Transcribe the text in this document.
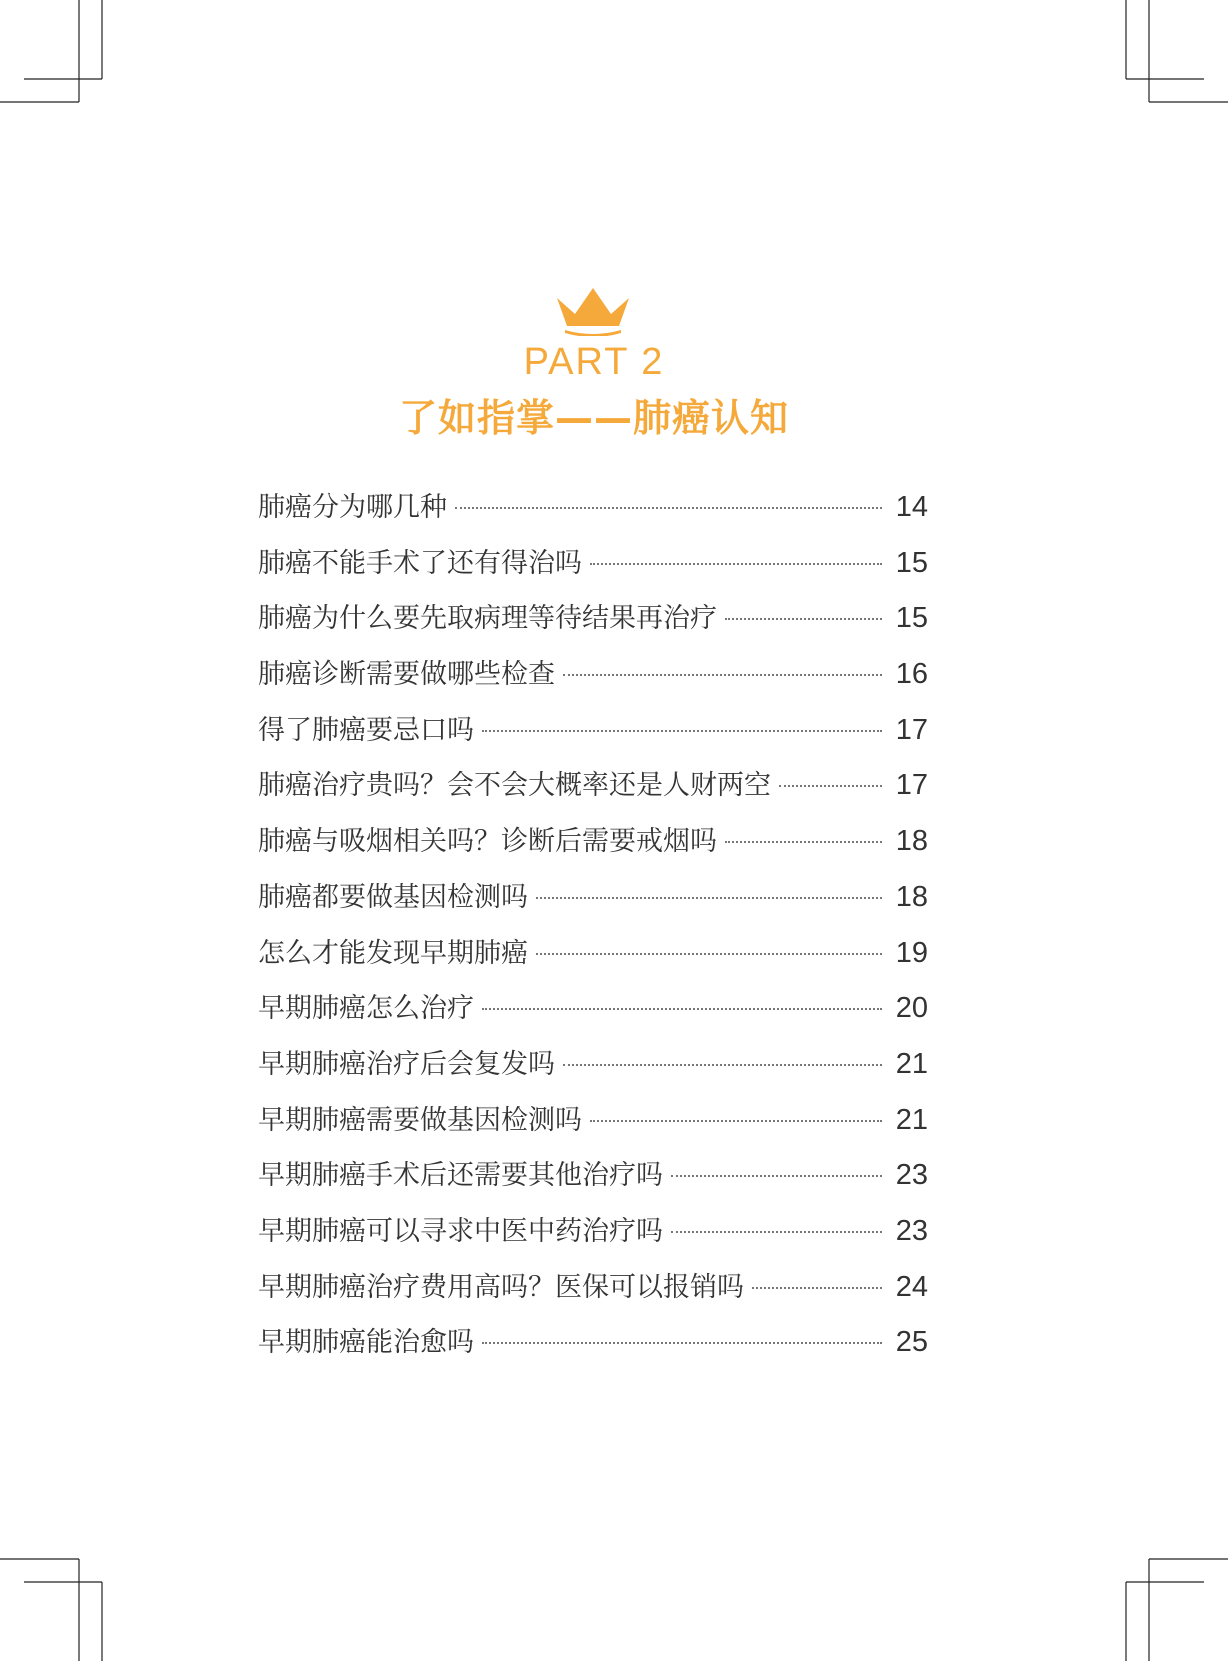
PART 2
了如指掌——肺癌认知
肺癌分为哪几种	14
肺癌不能手术了还有得治吗	15
肺癌为什么要先取病理等待结果再治疗	15
肺癌诊断需要做哪些检查	16
得了肺癌要忌口吗	17
肺癌治疗贵吗？会不会大概率还是人财两空	17
肺癌与吸烟相关吗？诊断后需要戒烟吗	18
肺癌都要做基因检测吗	18
怎么才能发现早期肺癌	19
早期肺癌怎么治疗	20
早期肺癌治疗后会复发吗	21
早期肺癌需要做基因检测吗	21
早期肺癌手术后还需要其他治疗吗	23
早期肺癌可以寻求中医中药治疗吗	23
早期肺癌治疗费用高吗？医保可以报销吗	24
早期肺癌能治愈吗	25
